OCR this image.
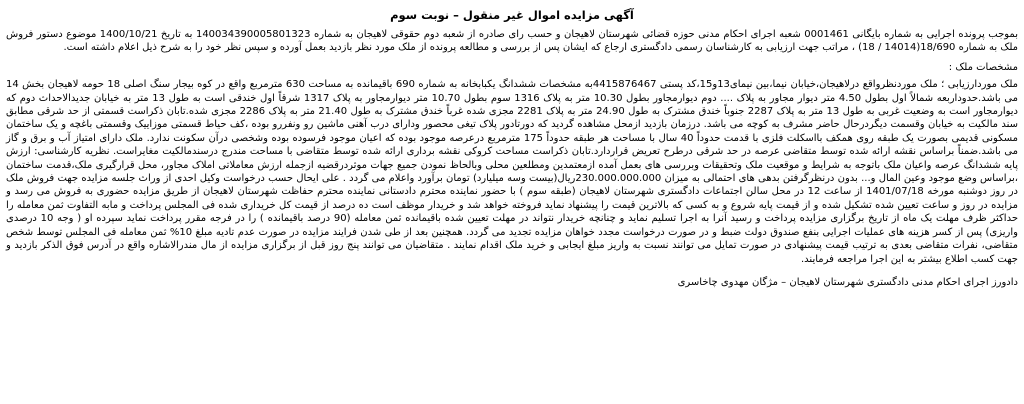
آگهی مزایده اموال غیر منقول – نوبت سوم

بموجب پرونده اجرایی به شماره بایگانی 0001461 شعبه اجرای احکام مدنی حوزه قضائی شهرستان لاهیجان و حسب رای صادره از شعبه دوم حقوقی لاهیجان به شماره 140034390005801323 به تاریخ 1400/10/21 موضوع دستور فروش ملک به شماره 18/690(14014 / 18) ، مراتب جهت ارزیابی به کارشناسان رسمی دادگستری ارجاع که ایشان پس از بررسی و مطالعه پرونده از ملک مورد نظر بازدید بعمل آورده و سپس نظر خود را به شرح ذیل اعلام داشته است.

مشخصات ملک :

ملک موردارزیابی ؛ ملک موردنظرواقع درلاهیجان،خیابان نیما،بین نیمای13و15،کد پستی 4415876467به مشخصات ششدانگ یکبابخانه به شماره 690 باقیمانده به مساحت 630 مترمربع واقع در کوه بیجار سنگ اصلی 18 حومه لاهیجان بخش 14 می باشد.حدوداربعه شمالاً اول بطول 4.50 متر دیوار مجاور به پلاک .... دوم دیوارمجاور بطول 10.30 متر به پلاک 1316 سوم بطول 10.70 متر دیوارمجاور به پلاک 1317 شرقاً اول خندقی است به طول 13 متر به خیابان جدیدالاحداث دوم که دیوارمجاور است به وضعیت غربی به طول 13 متر به پلاک 2287 جنوباً خندق مشترک به طول 24.90 متر به پلاک 2281 مجزی شده غرباً خندق مشترک به طول 21.40 متر به پلاک 2286 مجزی شده.تابان ذکراست قسمتی از حد شرقی مطابق سند مالکیت به خیابان وقسمت دیگردرحال حاضر مشرف به کوچه می باشد. درزمان بازدید ازمحل مشاهده گردید که دورتادور پلاک تیغی محصور ودارای درب آهنی ماشین رو ونفررو بوده ،کف حیاط قسمتی موزاییک وقسمتی باغچه و یک ساختمان مسکونی قدیمی بصورت یک طبقه روی همکف بااسکلت فلزی با قدمت حدوداً 40 سال با مساحت هر طبقه حدوداً 175 مترمربع درعرصه موجود بوده که اعیان موجود فرسوده بوده وشخصی درآن سکونت ندارد. ملک دارای امتیاز آب و برق و گاز می باشد.ضمناً براساس نقشه ارائه شده توسط متقاضی عرصه در حد شرقی درطرح تعریض قراردارد.تابان ذکراست مساحت کروکی نقشه برداری ارائه شده توسط متقاضی با مساحت مندرج درسندمالکیت مغایراست. نظریه کارشناسی: ارزش پایه ششدانگ عرصه واعیان ملک باتوجه به شرایط و موقعیت ملک وتحقیقات وبررسی های بعمل آمده ازمعتمدین ومطلعین محلی وبالحاظ نمودن جمیع جهات موثردرقضیه ازجمله ارزش معاملاتی املاک مجاور، محل قرارگیری ملک،قدمت ساختمان ،براساس وضع موجود وعین المال و... بدون درنظرگرفتن بدهی های احتمالی به میزان 230.000.000.000ریال(بیست وسه میلیارد) تومان برآورد واعلام می گردد . علی ایحال حسب درخواست وکیل احدی از وراث جلسه مزایده جهت فروش ملک در روز دوشنبه مورخه 1401/07/18 از ساعت 12 در محل سالن اجتماعات دادگستری شهرستان لاهیجان (طبقه سوم ) با حضور نماینده محترم دادستانی نماینده محترم حفاظت شهرستان لاهیجان از طریق مزایده حضوری به فروش می رسد و مزایده در روز و ساعت تعیین شده تشکیل شده و از قیمت پایه شروع و به کسی که بالاترین قیمت را پیشنهاد نماید فروخته خواهد شد و خریدار موظف است ده درصد از قیمت کل خریداری شده فی المجلس پرداخت و مابه التفاوت ثمن معامله را حداکثر ظرف مهلت یک ماه از تاریخ برگزاری مزایده پرداخت و رسید آنرا به اجرا تسلیم نماید و چنانچه خریدار نتواند در مهلت تعیین شده باقیمانده ثمن معامله (90 درصد باقیمانده ) را در فرجه مقرر پرداخت نماید سپرده او ( وجه 10 درصدی واریزی) پس از کسر هزینه های عملیات اجرایی بنفع صندوق دولت ضبط و در صورت درخواست مجدد خواهان مزایده تجدید می گردد. همچنین بعد از طی شدن فرایند مزایده در صورت عدم تادیه مبلغ 10% ثمن معامله فی المجلس توسط شخص متقاضی، نفرات متقاضی بعدی به ترتیب قیمت پیشنهادی در صورت تمایل می توانند نسبت به واریز مبلغ ایجابی و خرید ملک اقدام نمایند . متقاضیان می توانند پنج روز قبل از برگزاری مزایده از مال مندرالاشاره واقع در آدرس فوق الذکر بازدید و جهت کسب اطلاع بیشتر به این اجرا مراجعه فرمایند.

دادورز اجرای احکام مدنی دادگستری شهرستان لاهیجان – مژگان مهدوی چاخاسری
